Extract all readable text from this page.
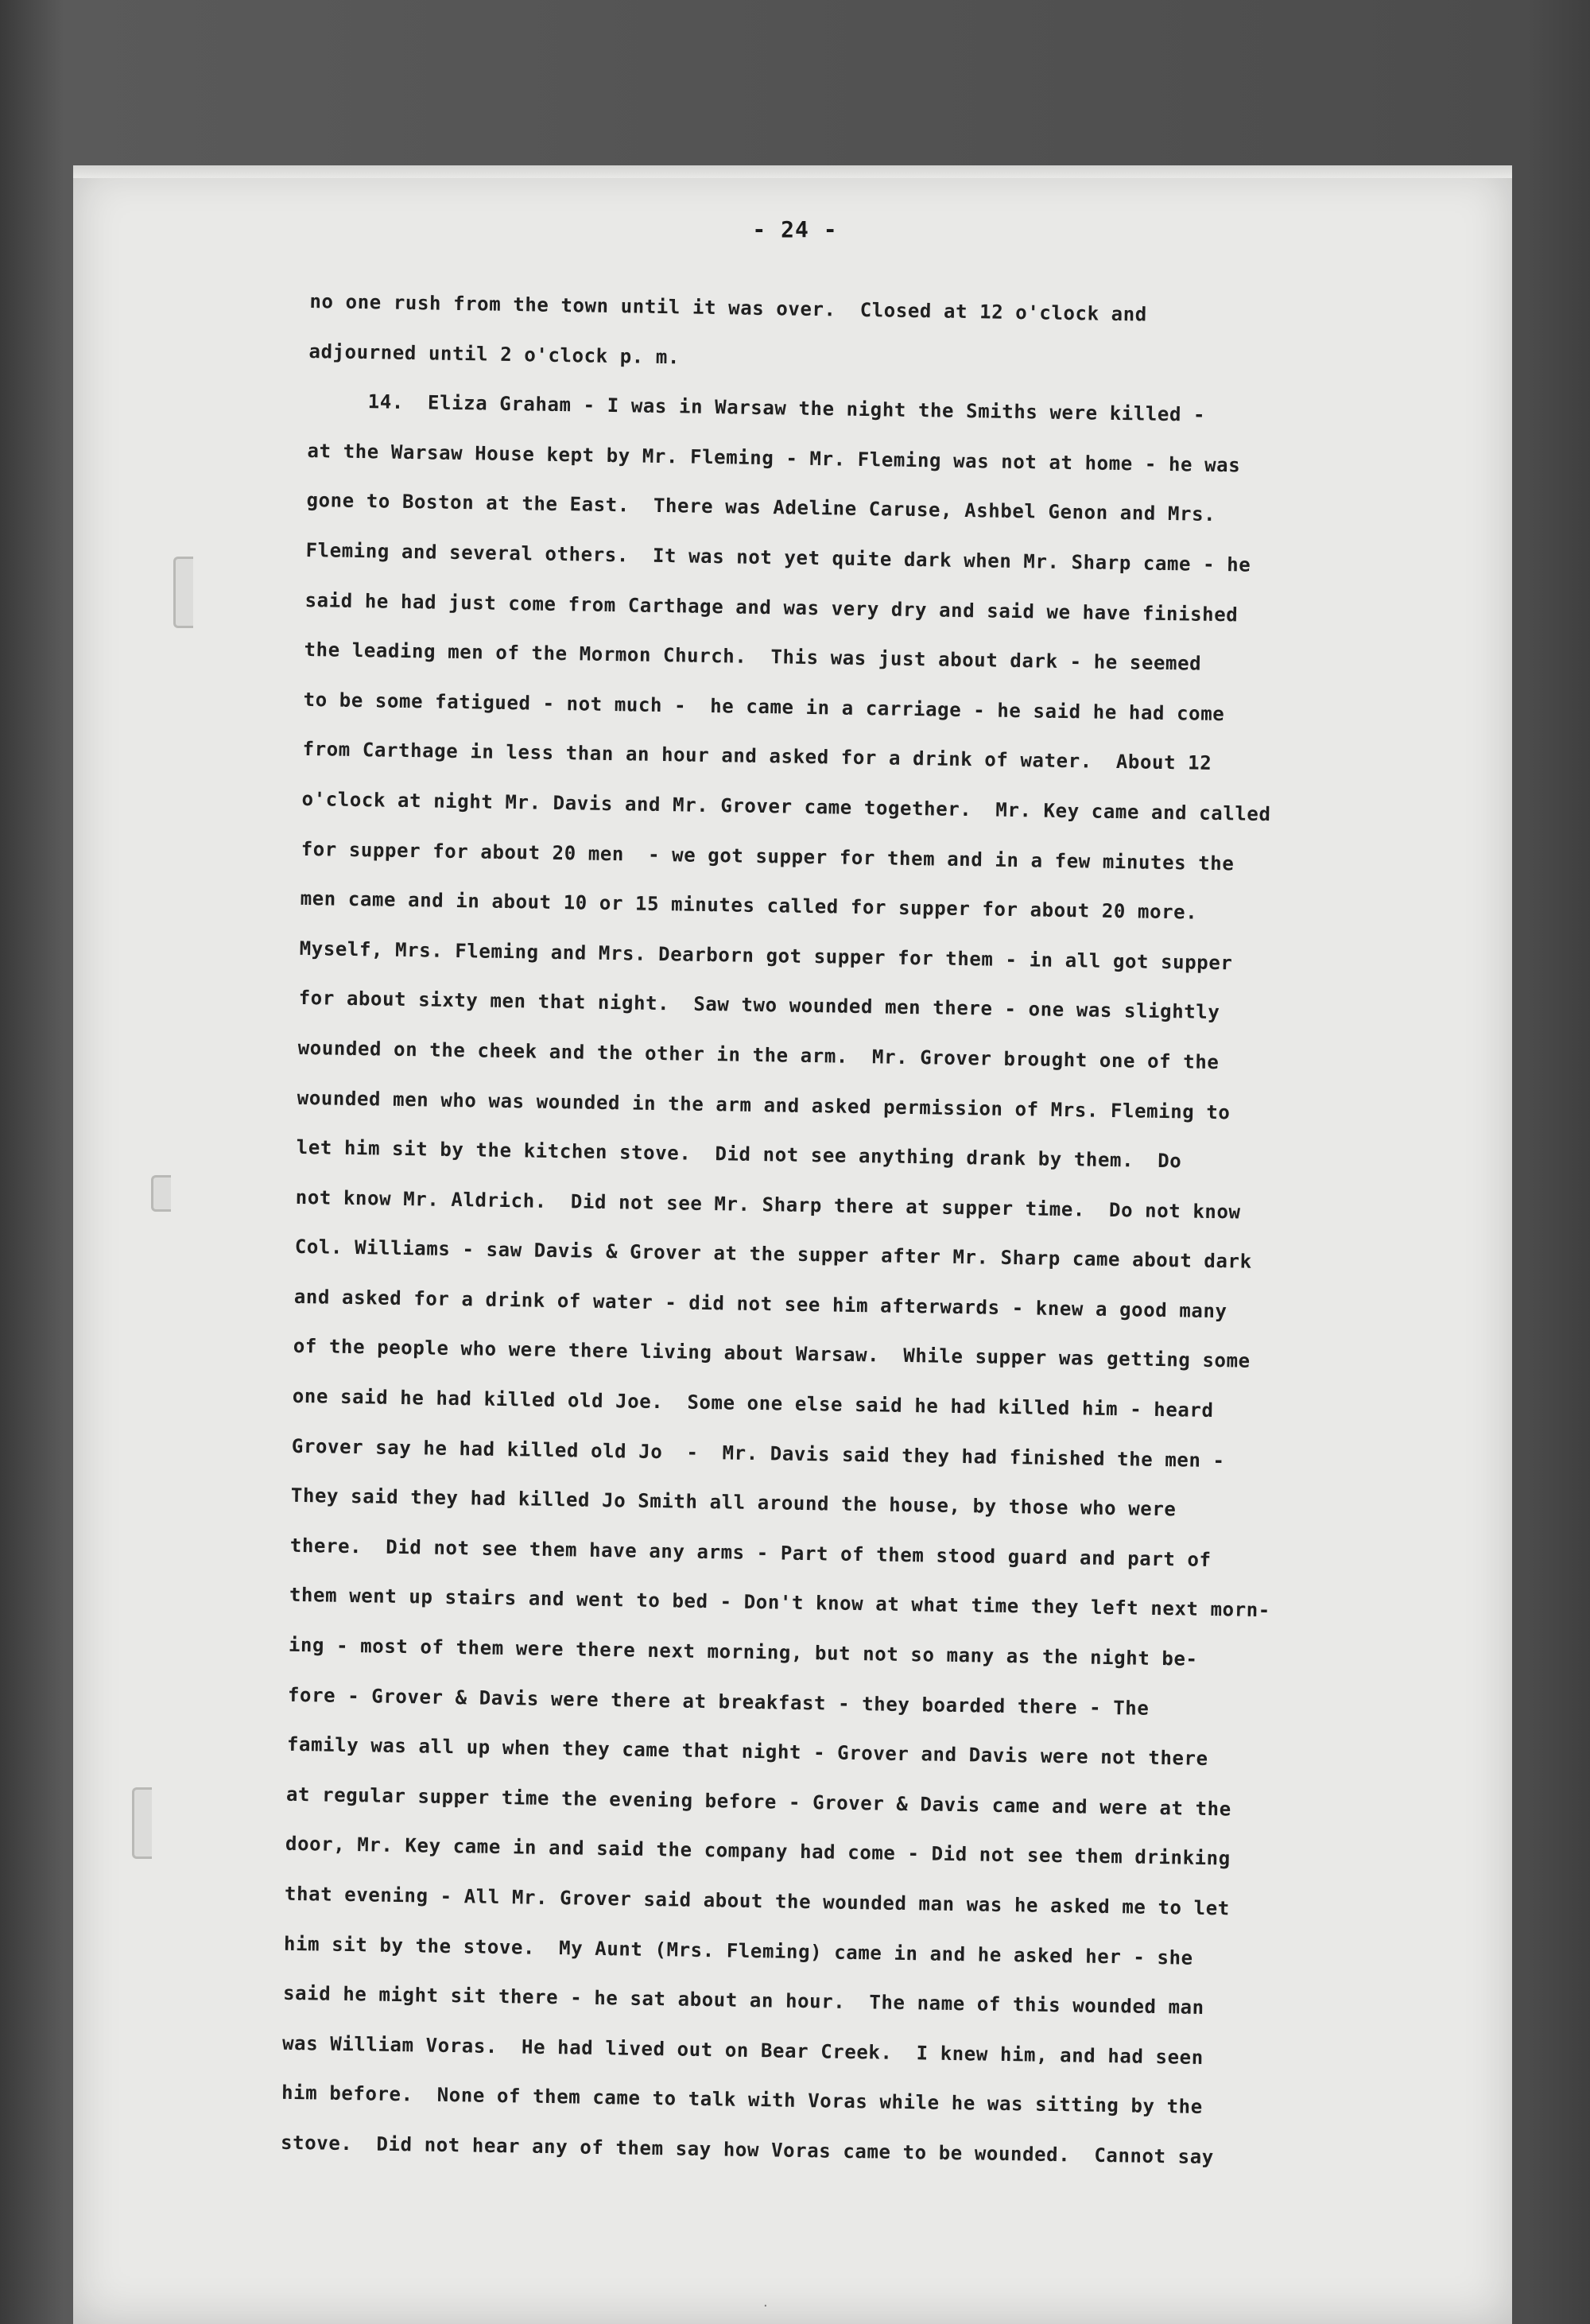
- 24 -
no one rush from the town until it was over.  Closed at 12 o'clock and
adjourned until 2 o'clock p. m.
14.  Eliza Graham - I was in Warsaw the night the Smiths were killed -
at the Warsaw House kept by Mr. Fleming - Mr. Fleming was not at home - he was
gone to Boston at the East.  There was Adeline Caruse, Ashbel Genon and Mrs.
Fleming and several others.  It was not yet quite dark when Mr. Sharp came - he
said he had just come from Carthage and was very dry and said we have finished
the leading men of the Mormon Church.  This was just about dark - he seemed
to be some fatigued - not much -  he came in a carriage - he said he had come
from Carthage in less than an hour and asked for a drink of water.  About 12
o'clock at night Mr. Davis and Mr. Grover came together.  Mr. Key came and called
for supper for about 20 men  - we got supper for them and in a few minutes the
men came and in about 10 or 15 minutes called for supper for about 20 more.
Myself, Mrs. Fleming and Mrs. Dearborn got supper for them - in all got supper
for about sixty men that night.  Saw two wounded men there - one was slightly
wounded on the cheek and the other in the arm.  Mr. Grover brought one of the
wounded men who was wounded in the arm and asked permission of Mrs. Fleming to
let him sit by the kitchen stove.  Did not see anything drank by them.  Do
not know Mr. Aldrich.  Did not see Mr. Sharp there at supper time.  Do not know
Col. Williams - saw Davis & Grover at the supper after Mr. Sharp came about dark
and asked for a drink of water - did not see him afterwards - knew a good many
of the people who were there living about Warsaw.  While supper was getting some
one said he had killed old Joe.  Some one else said he had killed him - heard
Grover say he had killed old Jo  -  Mr. Davis said they had finished the men -
They said they had killed Jo Smith all around the house, by those who were
there.  Did not see them have any arms - Part of them stood guard and part of
them went up stairs and went to bed - Don't know at what time they left next morn-
ing - most of them were there next morning, but not so many as the night be-
fore - Grover & Davis were there at breakfast - they boarded there - The
family was all up when they came that night - Grover and Davis were not there
at regular supper time the evening before - Grover & Davis came and were at the
door, Mr. Key came in and said the company had come - Did not see them drinking
that evening - All Mr. Grover said about the wounded man was he asked me to let
him sit by the stove.  My Aunt (Mrs. Fleming) came in and he asked her - she
said he might sit there - he sat about an hour.  The name of this wounded man
was William Voras.  He had lived out on Bear Creek.  I knew him, and had seen
him before.  None of them came to talk with Voras while he was sitting by the
stove.  Did not hear any of them say how Voras came to be wounded.  Cannot say
·
